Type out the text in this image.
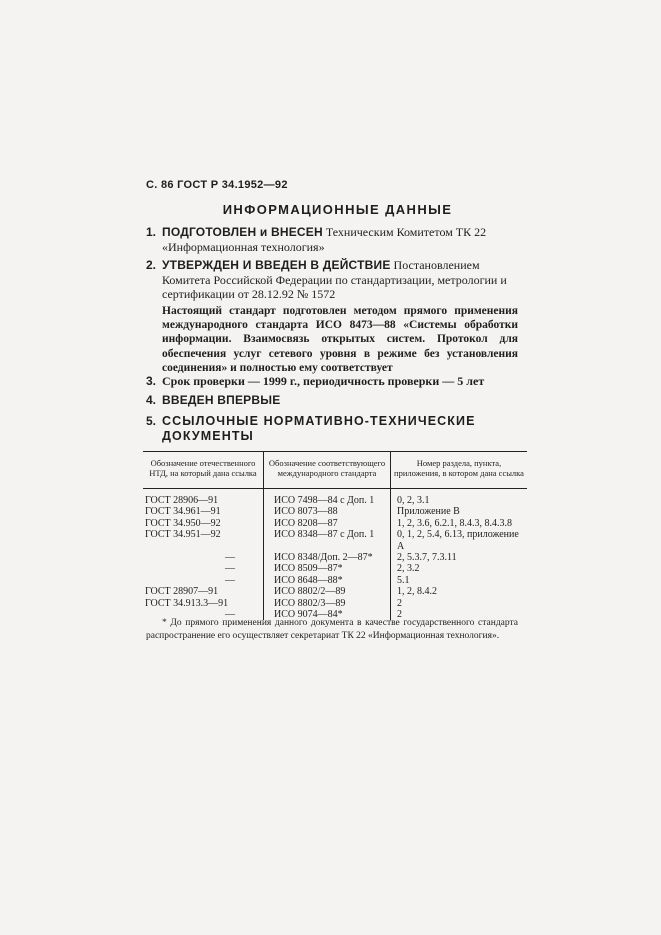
С. 86 ГОСТ Р 34.1952—92
ИНФОРМАЦИОННЫЕ ДАННЫЕ
1. ПОДГОТОВЛЕН и ВНЕСЕН Техническим Комитетом ТК 22 «Информационная технология»
2. УТВЕРЖДЕН И ВВЕДЕН В ДЕЙСТВИЕ Постановлением Комитета Российской Федерации по стандартизации, метрологии и сертификации от 28.12.92 № 1572
Настоящий стандарт подготовлен методом прямого применения международного стандарта ИСО 8473—88 «Системы обработки информации. Взаимосвязь открытых систем. Протокол для обеспечения услуг сетевого уровня в режиме без установления соединения» и полностью ему соответствует
3. Срок проверки — 1999 г., периодичность проверки — 5 лет
4. ВВЕДЕН ВПЕРВЫЕ
5. ССЫЛОЧНЫЕ НОРМАТИВНО-ТЕХНИЧЕСКИЕ ДОКУМЕНТЫ
Обозначение отечественного НТД, на который дана ссылка	Обозначение соответствующего международного стандарта	Номер раздела, пункта, приложения, в котором дана ссылка
ГОСТ 28906—91	ИСО 7498—84 с Доп. 1	0, 2, 3.1
ГОСТ 34.961—91	ИСО 8073—88	Приложение В
ГОСТ 34.950—92	ИСО 8208—87	1, 2, 3.6, 6.2.1, 8.4.3, 8.4.3.8
ГОСТ 34.951—92	ИСО 8348—87 с Доп. 1	0, 1, 2, 5.4, 6.13, приложение А
—	ИСО 8348/Доп. 2—87*	2, 5.3.7, 7.3.11
—	ИСО 8509—87*	2, 3.2
—	ИСО 8648—88*	5.1
ГОСТ 28907—91	ИСО 8802/2—89	1, 2, 8.4.2
ГОСТ 34.913.3—91	ИСО 8802/3—89	2
—	ИСО 9074—84*	2
* До прямого применения данного документа в качестве государственного стандарта распространение его осуществляет секретариат ТК 22 «Информационная технология».
